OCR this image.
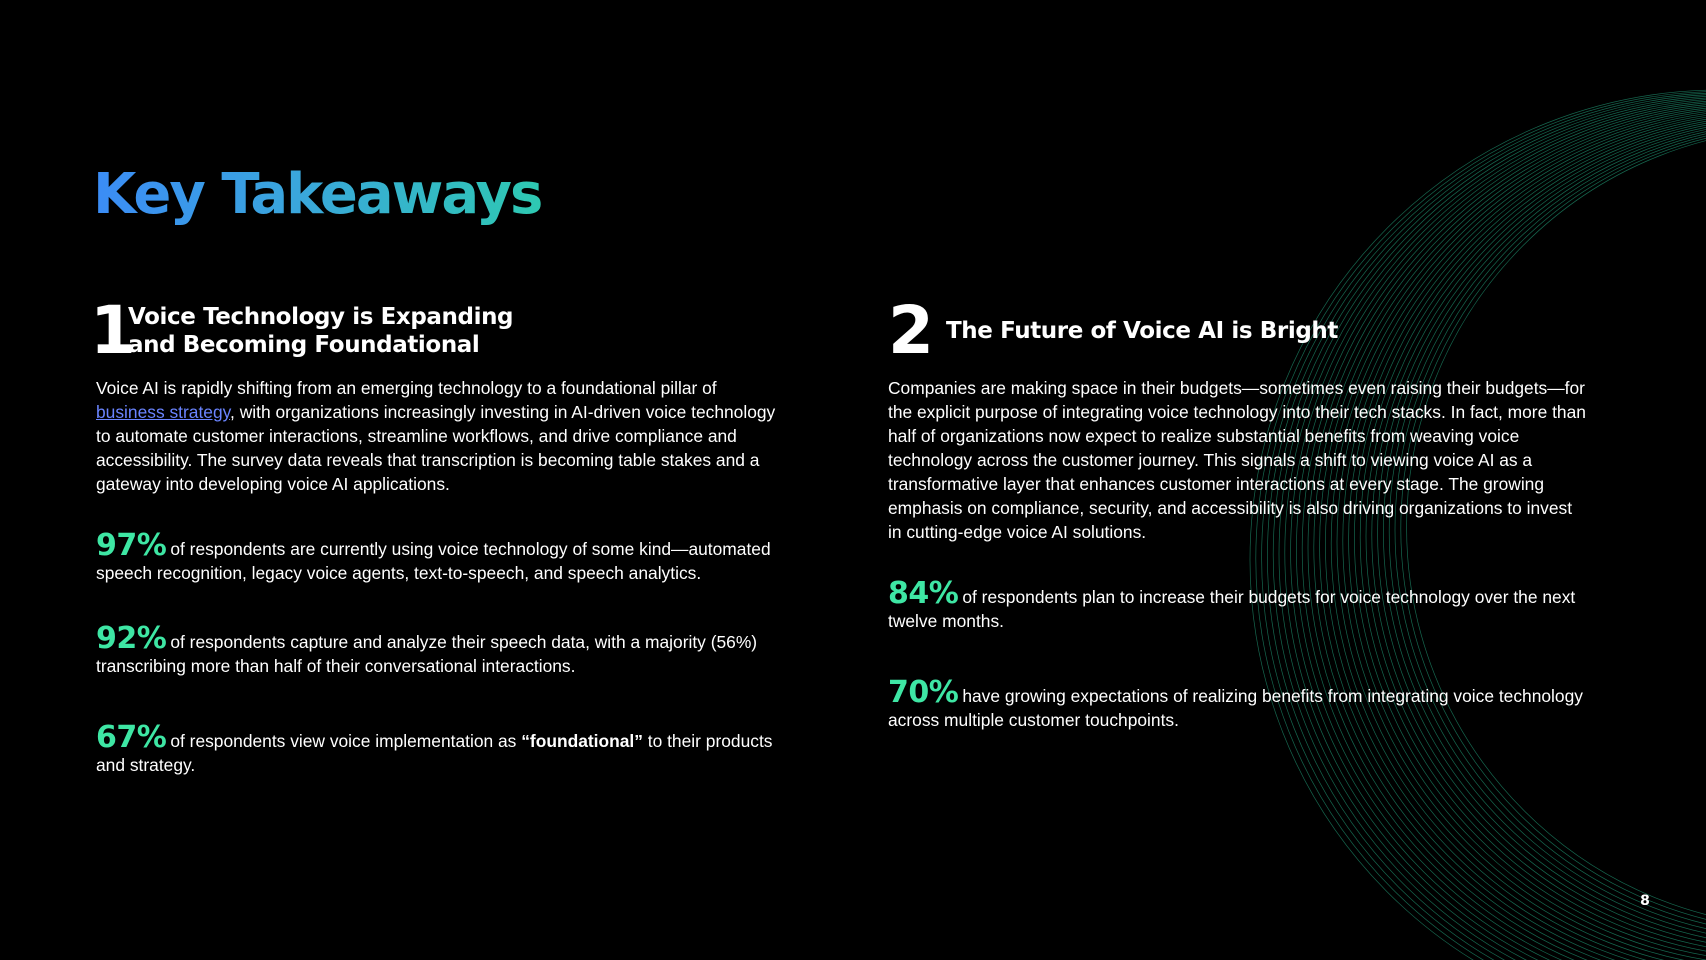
Key Takeaways
1
Voice Technology is Expanding
and Becoming Foundational

Voice AI is rapidly shifting from an emerging technology to a foundational pillar of business strategy, with organizations increasingly investing in AI-driven voice technology to automate customer interactions, streamline workflows, and drive compliance and accessibility. The survey data reveals that transcription is becoming table stakes and a gateway into developing voice AI applications.

97% of respondents are currently using voice technology of some kind—automated speech recognition, legacy voice agents, text-to-speech, and speech analytics.

92% of respondents capture and analyze their speech data, with a majority (56%) transcribing more than half of their conversational interactions.

67% of respondents view voice implementation as “foundational” to their products and strategy.

2 The Future of Voice AI is Bright

Companies are making space in their budgets—sometimes even raising their budgets—for the explicit purpose of integrating voice technology into their tech stacks. In fact, more than half of organizations now expect to realize substantial benefits from weaving voice technology across the customer journey. This signals a shift to viewing voice AI as a transformative layer that enhances customer interactions at every stage. The growing emphasis on compliance, security, and accessibility is also driving organizations to invest in cutting-edge voice AI solutions.

84% of respondents plan to increase their budgets for voice technology over the next twelve months.

70% have growing expectations of realizing benefits from integrating voice technology across multiple customer touchpoints.

8
